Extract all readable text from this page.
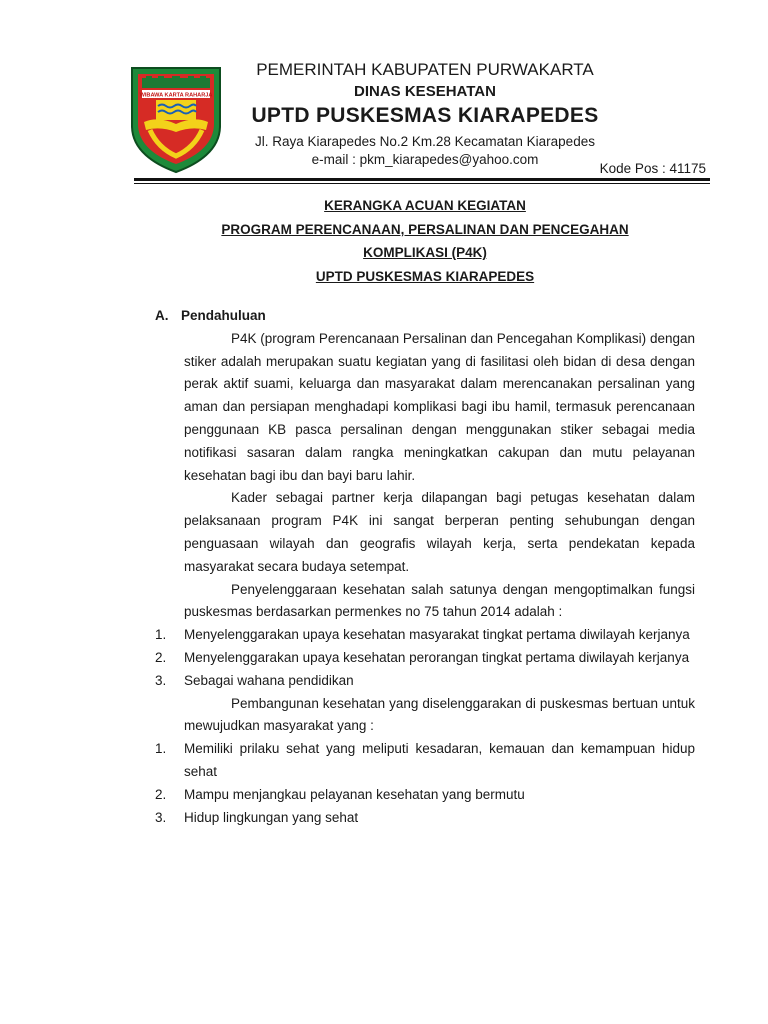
WIBAWA KARTA RAHARJA
PEMERINTAH KABUPATEN PURWAKARTA
DINAS KESEHATAN
UPTD PUSKESMAS KIARAPEDES
Jl. Raya Kiarapedes No.2 Km.28 Kecamatan Kiarapedes
e-mail : pkm_kiarapedes@yahoo.com
Kode Pos : 41175
KERANGKA ACUAN KEGIATAN
PROGRAM PERENCANAAN, PERSALINAN DAN PENCEGAHAN
KOMPLIKASI (P4K)
UPTD PUSKESMAS KIARAPEDES
A. Pendahuluan

P4K (program Perencanaan Persalinan dan Pencegahan Komplikasi) dengan stiker adalah merupakan suatu kegiatan yang di fasilitasi oleh bidan di desa dengan perak aktif suami, keluarga dan masyarakat dalam merencanakan persalinan yang aman dan persiapan menghadapi komplikasi bagi ibu hamil, termasuk perencanaan penggunaan KB pasca persalinan dengan menggunakan stiker sebagai media notifikasi sasaran dalam rangka meningkatkan cakupan dan mutu pelayanan kesehatan bagi ibu dan bayi baru lahir.

Kader sebagai partner kerja dilapangan bagi petugas kesehatan dalam pelaksanaan program P4K ini sangat berperan penting sehubungan dengan penguasaan wilayah dan geografis wilayah kerja, serta pendekatan kepada masyarakat secara budaya setempat.

Penyelenggaraan kesehatan salah satunya dengan mengoptimalkan fungsi puskesmas berdasarkan permenkes no 75 tahun 2014 adalah :

1.	Menyelenggarakan upaya kesehatan masyarakat tingkat pertama diwilayah kerjanya
2.	Menyelenggarakan upaya kesehatan perorangan tingkat pertama diwilayah kerjanya
3.	Sebagai wahana pendidikan

Pembangunan kesehatan yang diselenggarakan di puskesmas bertuan untuk mewujudkan masyarakat yang :

1.	Memiliki prilaku sehat yang meliputi kesadaran, kemauan dan kemampuan hidup sehat
2.	Mampu menjangkau pelayanan kesehatan yang bermutu
3.	Hidup lingkungan yang sehat
